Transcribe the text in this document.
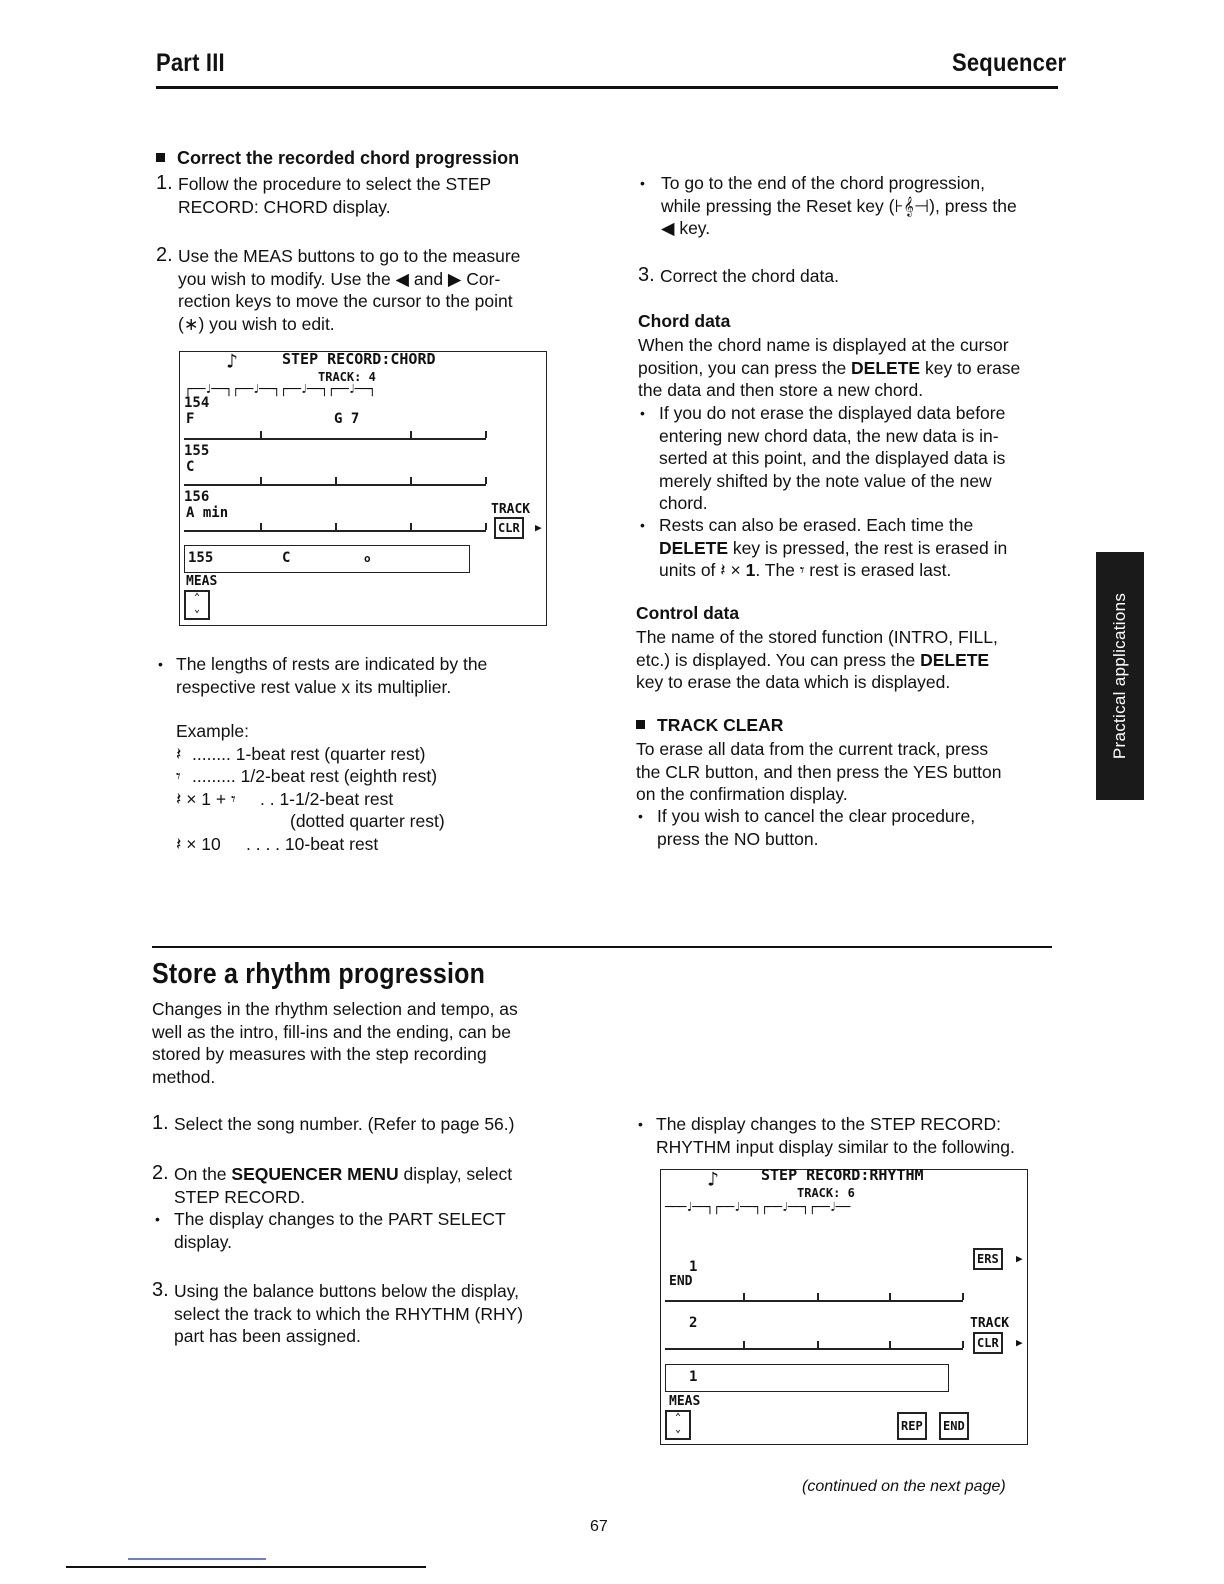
Part III	Sequencer
Practical applications
Correct the recorded chord progression
1. Follow the procedure to select the STEP
RECORD: CHORD display.
2. Use the MEAS buttons to go to the measure
you wish to modify. Use the ◀ and ▶ Cor-
rection keys to move the cursor to the point
(∗) you wish to edit.
♪	STEP RECORD:CHORD
TRACK: 4
┌──♩──┐┌──♩──┐┌──♩──┐┌──♩──┐
154
F	G 7
155
C
156
A min	TRACK
CLR	▶
155	C	o
MEAS
⌃
⌄
• The lengths of rests are indicated by the
respective rest value x its multiplier.
Example:
𝄽 ........ 1-beat rest (quarter rest)
𝄾 ......... 1/2-beat rest (eighth rest)
𝄽 × 1 + 𝄾 . . 1-1/2-beat rest
(dotted quarter rest)
𝄽 × 10 . . . . 10-beat rest
• To go to the end of the chord progression,
while pressing the Reset key (⊦𝄞⊣), press the
◀ key.
3. Correct the chord data.
Chord data
When the chord name is displayed at the cursor
position, you can press the DELETE key to erase
the data and then store a new chord.
• If you do not erase the displayed data before
entering new chord data, the new data is in-
serted at this point, and the displayed data is
merely shifted by the note value of the new
chord.
• Rests can also be erased. Each time the
DELETE key is pressed, the rest is erased in
units of 𝄽 × 1. The 𝄾 rest is erased last.
Control data
The name of the stored function (INTRO, FILL,
etc.) is displayed. You can press the DELETE
key to erase the data which is displayed.
TRACK CLEAR
To erase all data from the current track, press
the CLR button, and then press the YES button
on the confirmation display.
• If you wish to cancel the clear procedure,
press the NO button.
Store a rhythm progression
Changes in the rhythm selection and tempo, as
well as the intro, fill-ins and the ending, can be
stored by measures with the step recording
method.
1. Select the song number. (Refer to page 56.)
2. On the SEQUENCER MENU display, select
STEP RECORD.
• The display changes to the PART SELECT
display.
3. Using the balance buttons below the display,
select the track to which the RHYTHM (RHY)
part has been assigned.
• The display changes to the STEP RECORD:
RHYTHM input display similar to the following.
♪	STEP RECORD:RHYTHM
TRACK: 6
───♩──┐┌──♩──┐┌──♩──┐┌──♩──
ERS	▶
1
END
2	TRACK
CLR	▶
1
MEAS
⌃
⌄	REP	END
(continued on the next page)
67
